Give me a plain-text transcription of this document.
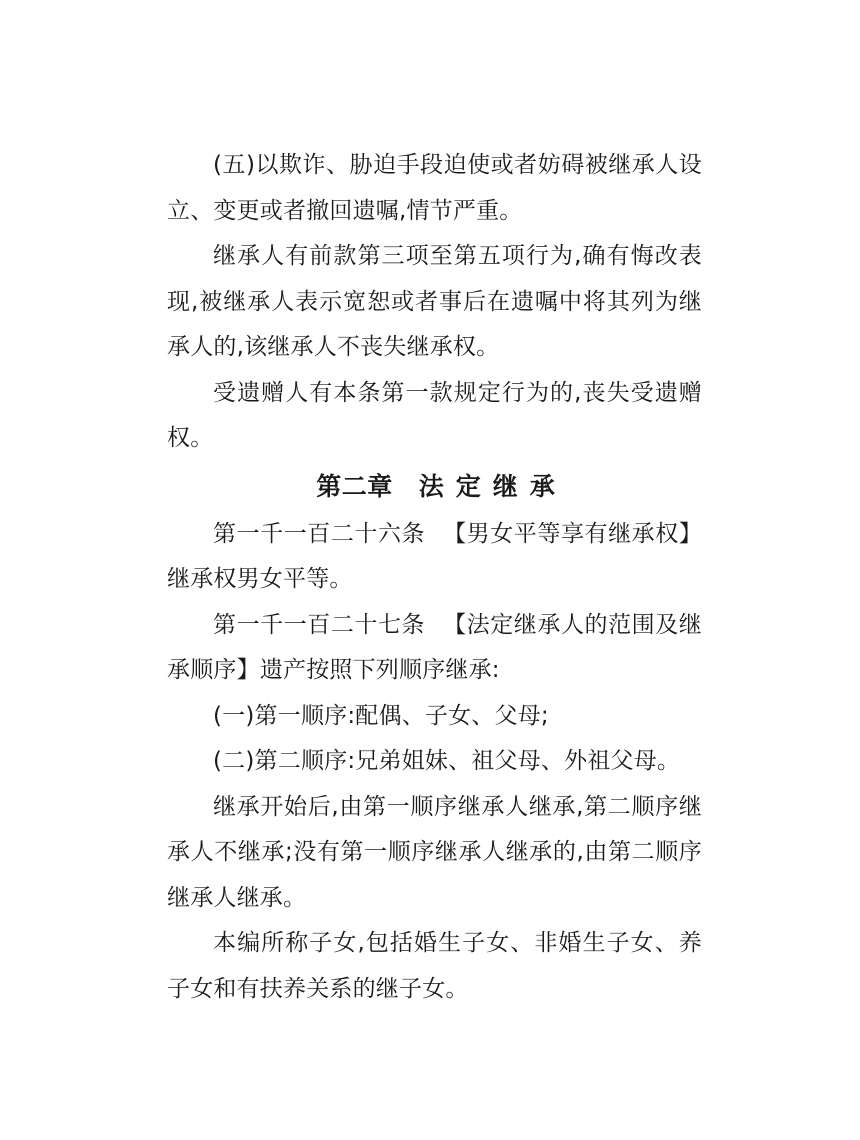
(五)以欺诈、胁迫手段迫使或者妨碍被继承人设立、变更或者撤回遗嘱,情节严重。

继承人有前款第三项至第五项行为,确有悔改表现,被继承人表示宽恕或者事后在遗嘱中将其列为继承人的,该继承人不丧失继承权。

受遗赠人有本条第一款规定行为的,丧失受遗赠权。

第二章 法定继承

第一千一百二十六条 【男女平等享有继承权】继承权男女平等。

第一千一百二十七条 【法定继承人的范围及继承顺序】遗产按照下列顺序继承:

(一)第一顺序:配偶、子女、父母;

(二)第二顺序:兄弟姐妹、祖父母、外祖父母。

继承开始后,由第一顺序继承人继承,第二顺序继承人不继承;没有第一顺序继承人继承的,由第二顺序继承人继承。

本编所称子女,包括婚生子女、非婚生子女、养子女和有扶养关系的继子女。
